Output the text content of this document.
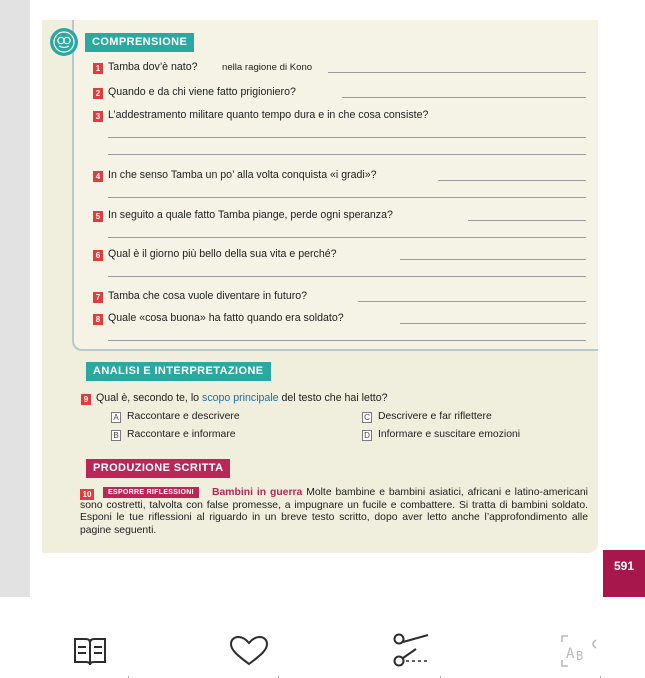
COMPRENSIONE
1 Tamba dov’è nato?	nella ragione di Kono
2 Quando e da chi viene fatto prigioniero?
3 L’addestramento militare quanto tempo dura e in che cosa consiste?
4 In che senso Tamba un po’ alla volta conquista «i gradi»?
5 In seguito a quale fatto Tamba piange, perde ogni speranza?
6 Qual è il giorno più bello della sua vita e perché?
7 Tamba che cosa vuole diventare in futuro?
8 Quale «cosa buona» ha fatto quando era soldato?
ANALISI E INTERPRETAZIONE
9 Qual è, secondo te, lo scopo principale del testo che hai letto?
A Raccontare e descrivere
B Raccontare e informare
C Descrivere e far riflettere
D Informare e suscitare emozioni
PRODUZIONE SCRITTA
10	ESPORRE RIFLESSIONI	Bambini in guerra Molte bambine e bambini asiatici, africani e latino-americani sono costretti, talvolta con false promesse, a impugnare un fucile e combattere. Si tratta di bambini soldato. Esponi le tue riflessioni al riguardo in un breve testo scritto, dopo aver letto anche l’approfondimento alle pagine seguenti.
591
A B
